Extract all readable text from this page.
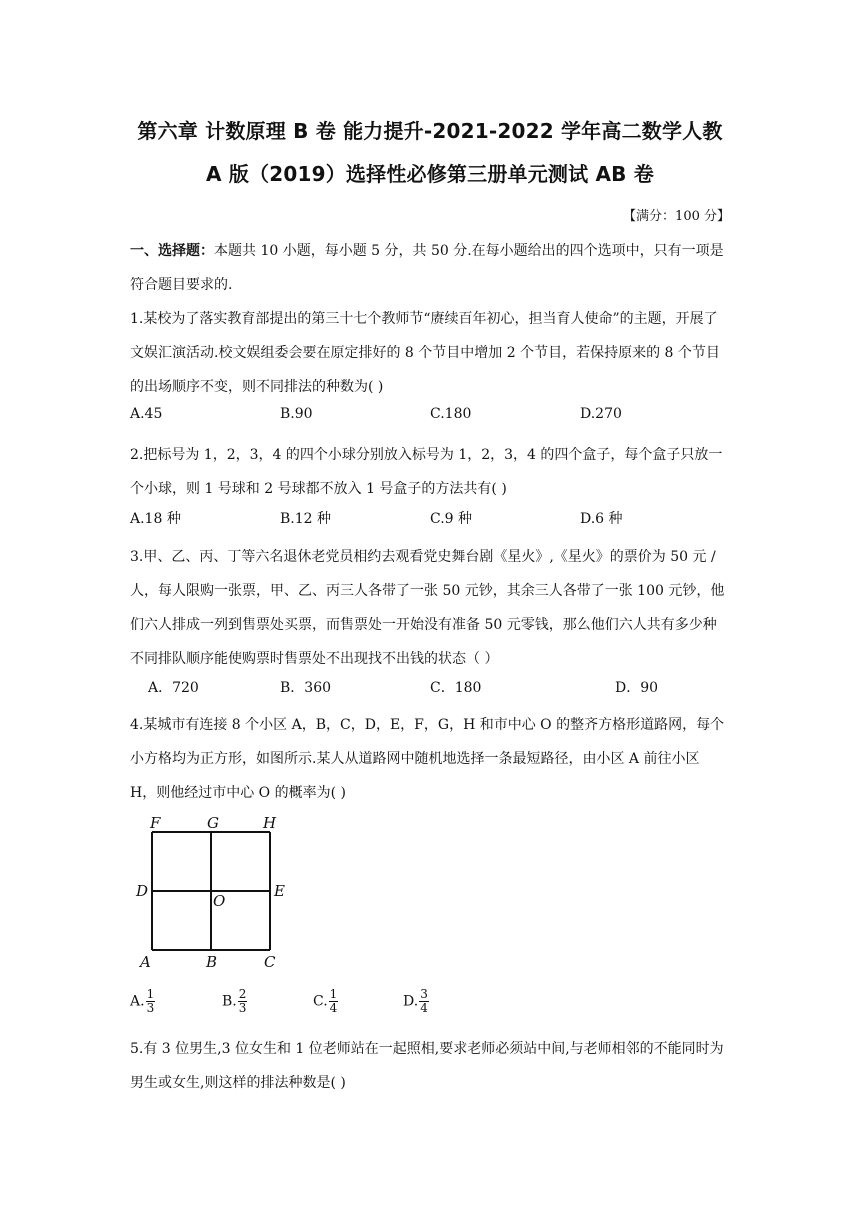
第六章 计数原理 B 卷 能力提升-2021-2022 学年高二数学人教
A 版（2019）选择性必修第三册单元测试 AB 卷
【满分：100 分】
一、选择题：本题共 10 小题，每小题 5 分，共 50 分.在每小题给出的四个选项中，只有一项是符合题目要求的.
1.某校为了落实教育部提出的第三十七个教师节“赓续百年初心，担当育人使命”的主题，开展了文娱汇演活动.校文娱组委会要在原定排好的 8 个节目中增加 2 个节目，若保持原来的 8 个节目的出场顺序不变，则不同排法的种数为( )
A.45	B.90	C.180	D.270
2.把标号为 1，2，3，4 的四个小球分别放入标号为 1，2，3，4 的四个盒子，每个盒子只放一个小球，则 1 号球和 2 号球都不放入 1 号盒子的方法共有( )
A.18 种	B.12 种	C.9 种	D.6 种
3.甲、乙、丙、丁等六名退休老党员相约去观看党史舞台剧《星火》,《星火》的票价为 50 元 / 人，每人限购一张票，甲、乙、丙三人各带了一张 50 元钞，其余三人各带了一张 100 元钞，他们六人排成一列到售票处买票，而售票处一开始没有准备 50 元零钱，那么他们六人共有多少种不同排队顺序能使购票时售票处不出现找不出钱的状态（ ）
A．720	B．360	C．180	D．90
4.某城市有连接 8 个小区 A，B，C，D，E，F，G，H 和市中心 O 的整齐方格形道路网，每个小方格均为正方形，如图所示.某人从道路网中随机地选择一条最短路径，由小区 A 前往小区 H，则他经过市中心 O 的概率为( )
F	G	H
D
O
E
A	B	C
A. $\frac{1}{3}$	B. $\frac{2}{3}$	C. $\frac{1}{4}$	D. $\frac{3}{4}$
5.有 3 位男生,3 位女生和 1 位老师站在一起照相,要求老师必须站中间,与老师相邻的不能同时为男生或女生,则这样的排法种数是( )
